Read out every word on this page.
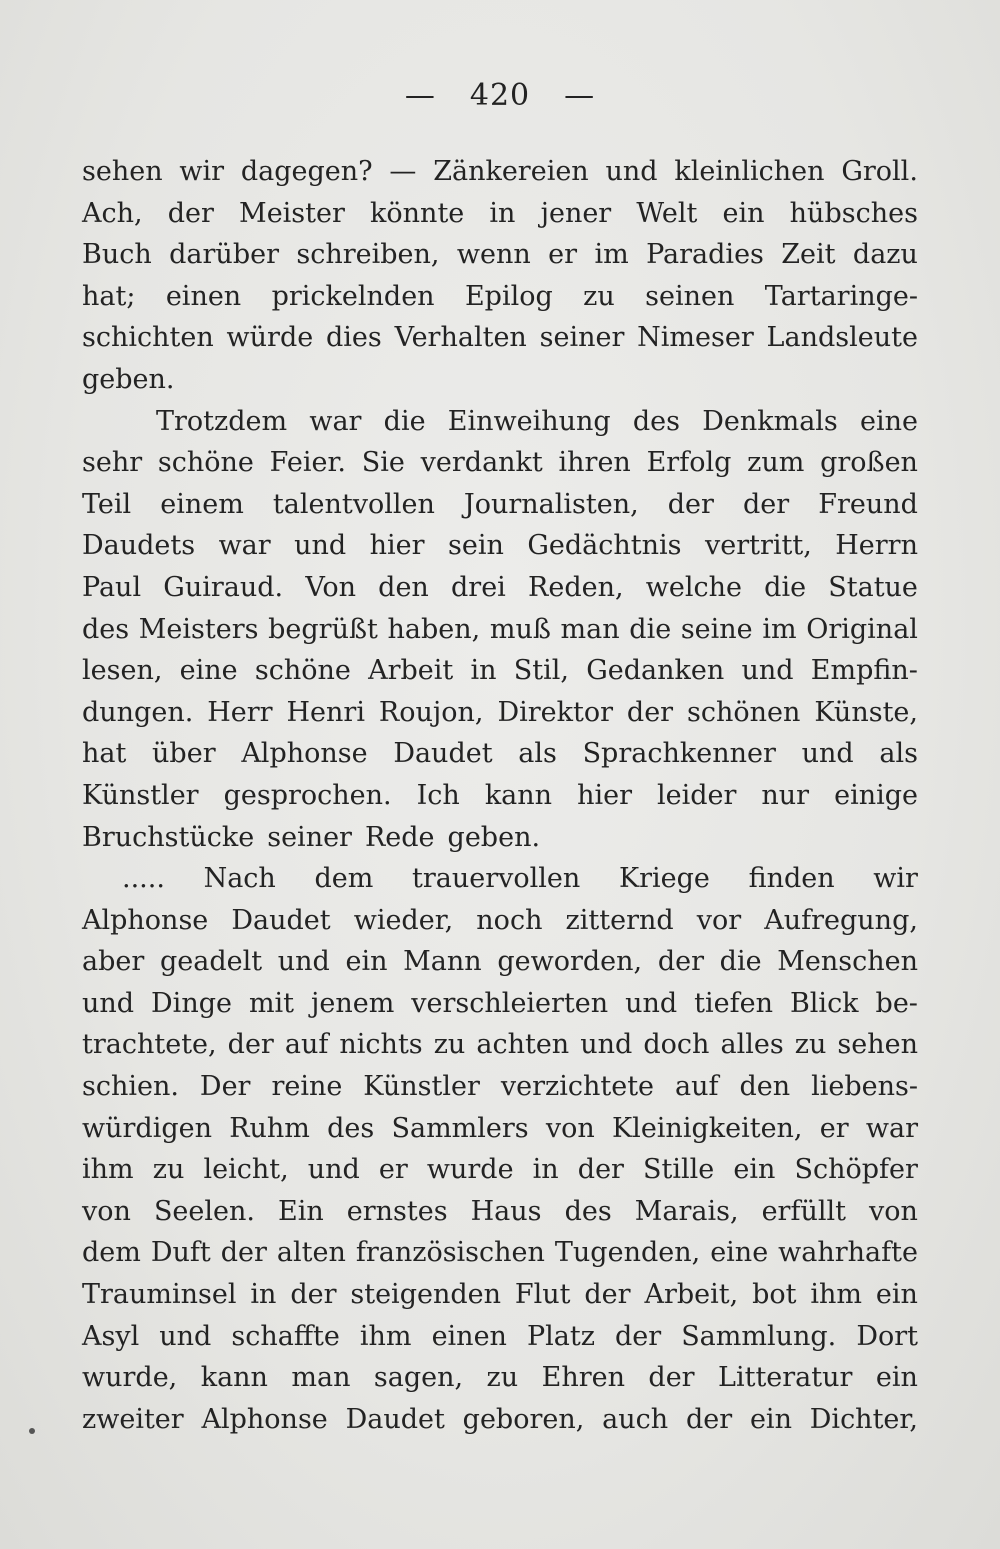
— 420 —
sehen wir dagegen? — Zänkereien und kleinlichen Groll.
Ach, der Meister könnte in jener Welt ein hübsches
Buch darüber schreiben, wenn er im Paradies Zeit dazu
hat; einen prickelnden Epilog zu seinen Tartaringe-
schichten würde dies Verhalten seiner Nimeser Landsleute
geben.
Trotzdem war die Einweihung des Denkmals eine
sehr schöne Feier. Sie verdankt ihren Erfolg zum großen
Teil einem talentvollen Journalisten, der der Freund
Daudets war und hier sein Gedächtnis vertritt, Herrn
Paul Guiraud. Von den drei Reden, welche die Statue
des Meisters begrüßt haben, muß man die seine im Original
lesen, eine schöne Arbeit in Stil, Gedanken und Empfin-
dungen. Herr Henri Roujon, Direktor der schönen Künste,
hat über Alphonse Daudet als Sprachkenner und als
Künstler gesprochen. Ich kann hier leider nur einige
Bruchstücke seiner Rede geben.
..... Nach dem trauervollen Kriege finden wir
Alphonse Daudet wieder, noch zitternd vor Aufregung,
aber geadelt und ein Mann geworden, der die Menschen
und Dinge mit jenem verschleierten und tiefen Blick be-
trachtete, der auf nichts zu achten und doch alles zu sehen
schien. Der reine Künstler verzichtete auf den liebens-
würdigen Ruhm des Sammlers von Kleinigkeiten, er war
ihm zu leicht, und er wurde in der Stille ein Schöpfer
von Seelen. Ein ernstes Haus des Marais, erfüllt von
dem Duft der alten französischen Tugenden, eine wahrhafte
Trauminsel in der steigenden Flut der Arbeit, bot ihm ein
Asyl und schaffte ihm einen Platz der Sammlung. Dort
wurde, kann man sagen, zu Ehren der Litteratur ein
zweiter Alphonse Daudet geboren, auch der ein Dichter,
